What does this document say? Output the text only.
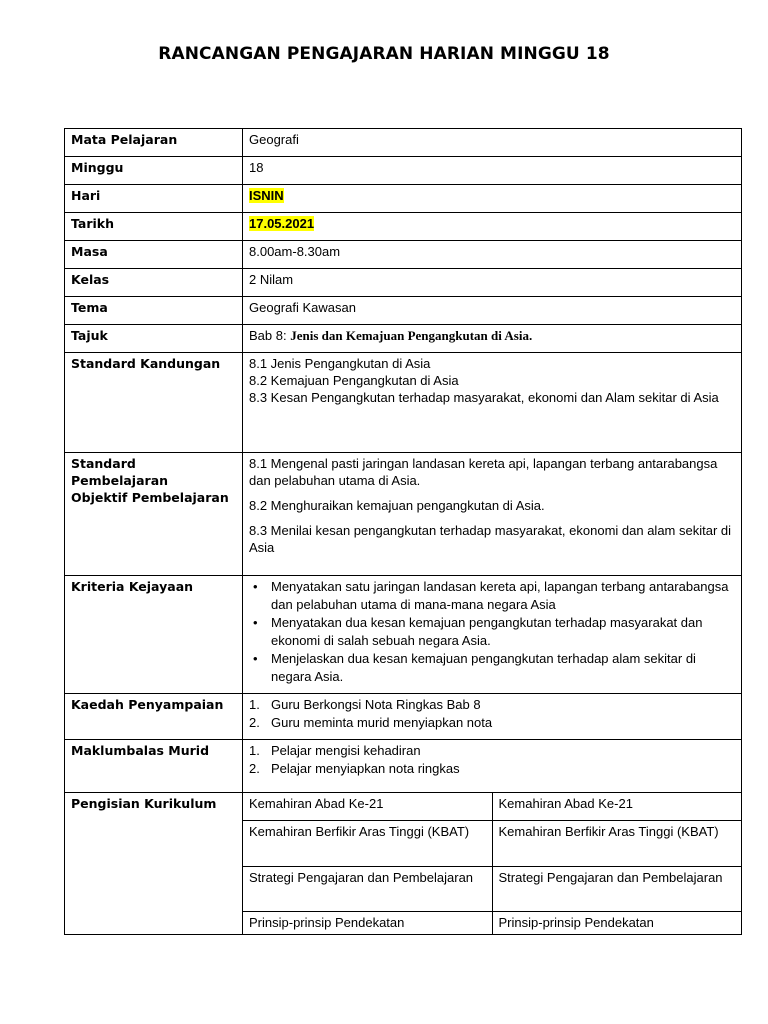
RANCANGAN PENGAJARAN HARIAN MINGGU 18
Mata Pelajaran	Geografi
Minggu	18
Hari	ISNIN
Tarikh	17.05.2021
Masa	8.00am-8.30am
Kelas	2 Nilam
Tema	Geografi Kawasan
Tajuk	Bab 8: Jenis dan Kemajuan Pengangkutan di Asia.
Standard Kandungan	8.1 Jenis Pengangkutan di Asia

8.2 Kemajuan Pengangkutan di Asia

8.3 Kesan Pengangkutan terhadap masyarakat, ekonomi dan Alam sekitar di Asia

Standard Pembelajaran
Objektif Pembelajaran

8.1 Mengenal pasti jaringan landasan kereta api, lapangan terbang antarabangsa dan pelabuhan utama di Asia.

8.2 Menghuraikan kemajuan pengangkutan di Asia.

8.3 Menilai kesan pengangkutan terhadap masyarakat, ekonomi dan alam sekitar di Asia

Kriteria Kejayaan	
•Menyatakan satu jaringan landasan kereta api, lapangan terbang antarabangsa dan pelabuhan utama di mana-mana negara Asia
• Menyatakan dua kesan kemajuan pengangkutan terhadap masyarakat dan ekonomi di salah sebuah negara Asia.
• Menjelaskan dua kesan kemajuan pengangkutan terhadap alam sekitar di negara Asia.

Kaedah Penyampaian	1. Guru Berkongsi Nota Ringkas Bab 8
2. Guru meminta murid menyiapkan nota

Maklumbalas Murid	1. Pelajar mengisi kehadiran
2. Pelajar menyiapkan nota ringkas

Pengisian Kurikulum		Kemahiran Abad Ke-21	Kemahiran Abad Ke-21
Kemahiran Berfikir Aras Tinggi (KBAT)	Kemahiran Berfikir Aras Tinggi (KBAT)
Strategi Pengajaran dan Pembelajaran	Strategi Pengajaran dan Pembelajaran
Prinsip-prinsip Pendekatan	Prinsip-prinsip Pendekatan
